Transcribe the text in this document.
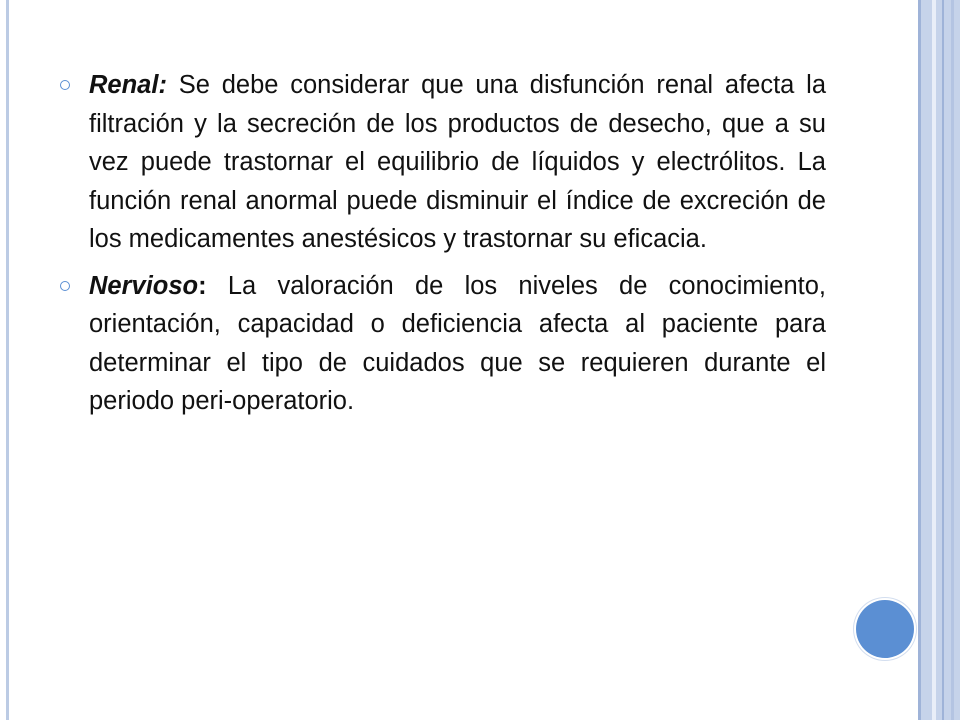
Renal: Se debe considerar que una disfunción renal afecta la filtración y la secreción de los productos de desecho, que a su vez puede trastornar el equilibrio de líquidos y electrólitos. La función renal anormal puede disminuir el índice de excreción de los medicamentes anestésicos y trastornar su eficacia.

Nervioso: La valoración de los niveles de conocimiento, orientación, capacidad o deficiencia afecta al paciente para determinar el tipo de cuidados que se requieren durante el periodo peri-operatorio.
